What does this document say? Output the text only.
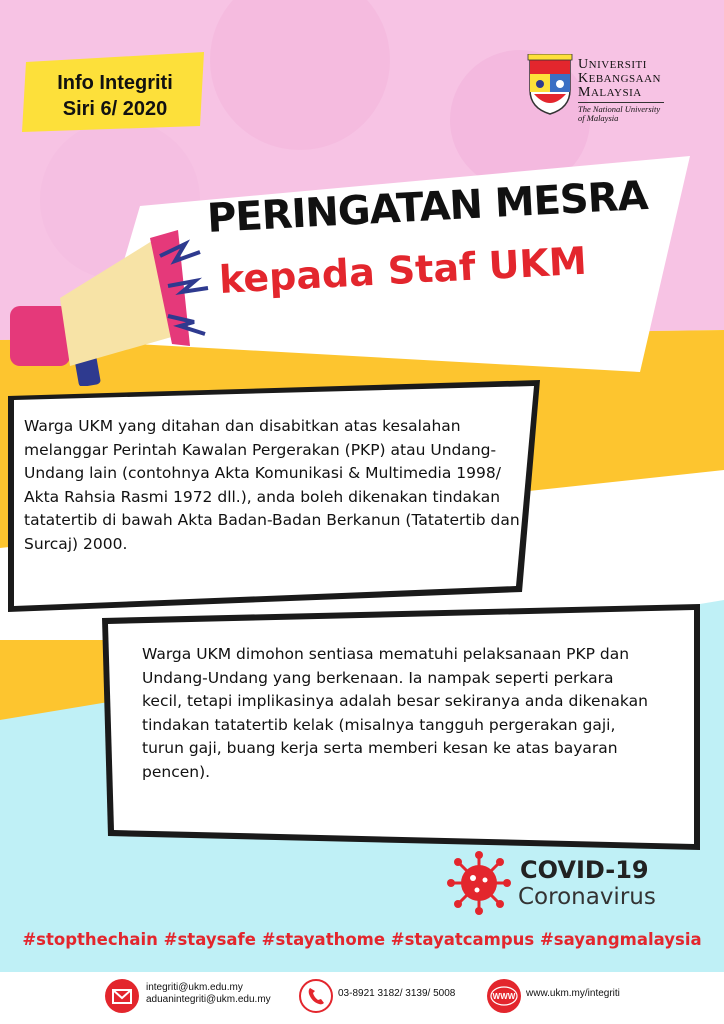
Info Integriti
Siri 6/ 2020
UNIVERSITI
KEBANGSAAN
MALAYSIA
The National University
of Malaysia
PERINGATAN MESRA
kepada Staf UKM
Warga UKM yang ditahan dan disabitkan atas kesalahan melanggar Perintah Kawalan Pergerakan (PKP) atau Undang-Undang lain (contohnya Akta Komunikasi & Multimedia 1998/ Akta Rahsia Rasmi 1972 dll.), anda boleh dikenakan tindakan tatatertib di bawah Akta Badan-Badan Berkanun (Tatatertib dan Surcaj) 2000.
Warga UKM dimohon sentiasa mematuhi pelaksanaan PKP dan Undang-Undang yang berkenaan. Ia nampak seperti perkara kecil, tetapi implikasinya adalah besar sekiranya anda dikenakan tindakan tatatertib kelak (misalnya tangguh pergerakan gaji, turun gaji, buang kerja serta memberi kesan ke atas bayaran pencen).
COVID-19
Coronavirus
#stopthechain #staysafe #stayathome #stayatcampus #sayangmalaysia
integriti@ukm.edu.my
aduanintegriti@ukm.edu.my
03-8921 3182/ 3139/ 5008	WWW www.ukm.my/integriti
